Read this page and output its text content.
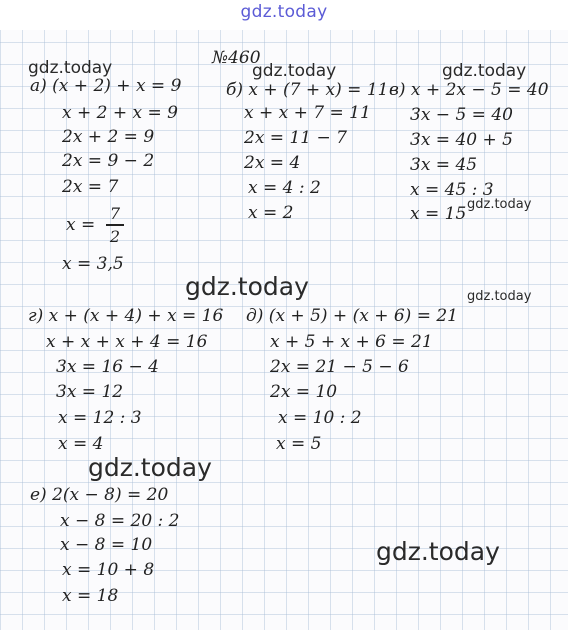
gdz.today
gdz.today	gdz.today	gdz.today
gdz.today
gdz.today	gdz.today
gdz.today
gdz.today
№460
а) (x + 2) + x = 9
x + 2 + x = 9
2x + 2 = 9
2x = 9 − 2
2x = 7
x =
7
2
x = 3,5
б) x + (7 + x) = 11
x + x + 7 = 11
2x = 11 − 7
2x = 4
x = 4 : 2
x = 2
в) x + 2x − 5 = 40
3x − 5 = 40
3x = 40 + 5
3x = 45
x = 45 : 3
x = 15
г) x + (x + 4) + x = 16
x + x + x + 4 = 16
3x = 16 − 4
3x = 12
x = 12 : 3
x = 4
д) (x + 5) + (x + 6) = 21
x + 5 + x + 6 = 21
2x = 21 − 5 − 6
2x = 10
x = 10 : 2
x = 5
е) 2(x − 8) = 20
x − 8 = 20 : 2
x − 8 = 10
x = 10 + 8
x = 18
